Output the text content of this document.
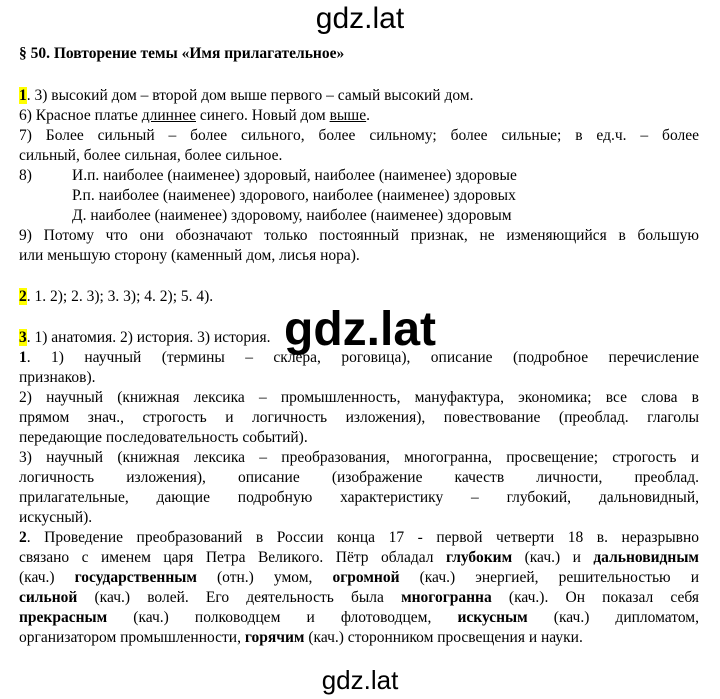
gdz.lat

§ 50. Повторение темы «Имя прилагательное»

1. 3) высокий дом – второй дом выше первого – самый высокий дом.

6) Красное платье длиннее синего. Новый дом выше.

7) Более сильный – более сильного, более сильному; более сильные; в ед.ч. – более

сильный, более сильная, более сильное.

8)	И.п. наиболее (наименее) здоровый, наиболее (наименее) здоровые

Р.п. наиболее (наименее) здорового, наиболее (наименее) здоровых

Д. наиболее (наименее) здоровому, наиболее (наименее) здоровым

9) Потому что они обозначают только постоянный признак, не изменяющийся в большую

или меньшую сторону (каменный дом, лисья нора).

2. 1. 2); 2. 3); 3. 3); 4. 2); 5. 4).

3. 1) анатомия. 2) история. 3) история.

1. 1) научный (термины – склера, роговица), описание (подробное перечисление

признаков).

2) научный (книжная лексика – промышленность, мануфактура, экономика; все слова в

прямом знач., строгость и логичность изложения), повествование (преоблад. глаголы

передающие последовательность событий).

3) научный (книжная лексика – преобразования, многогранна, просвещение; строгость и

логичность изложения), описание (изображение качеств личности, преоблад.

прилагательные, дающие подробную характеристику – глубокий, дальновидный,

искусный).

2. Проведение преобразований в России конца 17 - первой четверти 18 в. неразрывно

связано с именем царя Петра Великого. Пётр обладал глубоким (кач.) и дальновидным

(кач.) государственным (отн.) умом, огромной (кач.) энергией, решительностью и

сильной (кач.) волей. Его деятельность была многогранна (кач.). Он показал себя

прекрасным (кач.) полководцем и флотоводцем, искусным (кач.) дипломатом,

организатором промышленности, горячим (кач.) сторонником просвещения и науки.

gdz.lat
gdz.lat
